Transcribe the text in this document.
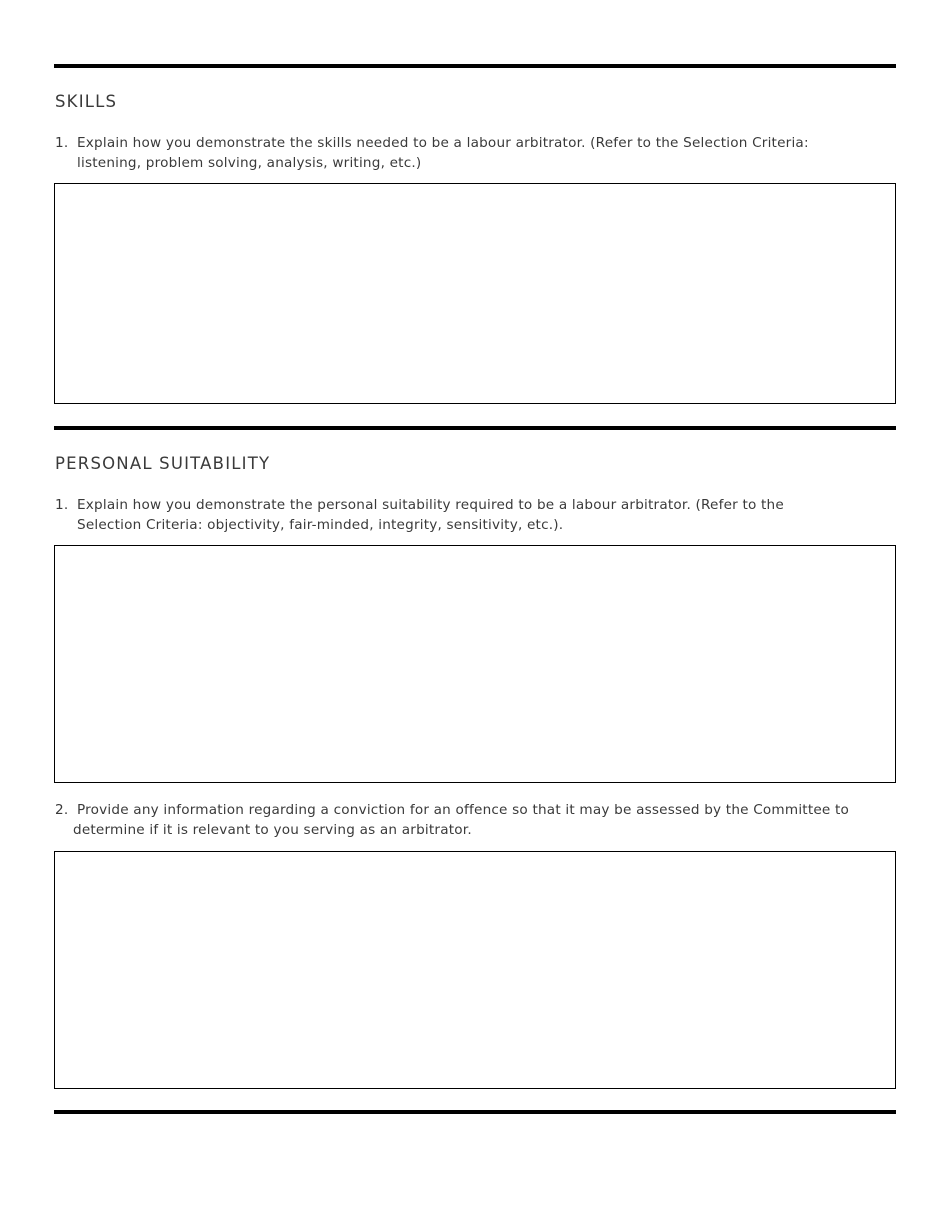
SKILLS
1. Explain how you demonstrate the skills needed to be a labour arbitrator. (Refer to the Selection Criteria:
listening, problem solving, analysis, writing, etc.)
PERSONAL SUITABILITY
1. Explain how you demonstrate the personal suitability required to be a labour arbitrator. (Refer to the
Selection Criteria: objectivity, fair-minded, integrity, sensitivity, etc.).
2. Provide any information regarding a conviction for an offence so that it may be assessed by the Committee to
determine if it is relevant to you serving as an arbitrator.
